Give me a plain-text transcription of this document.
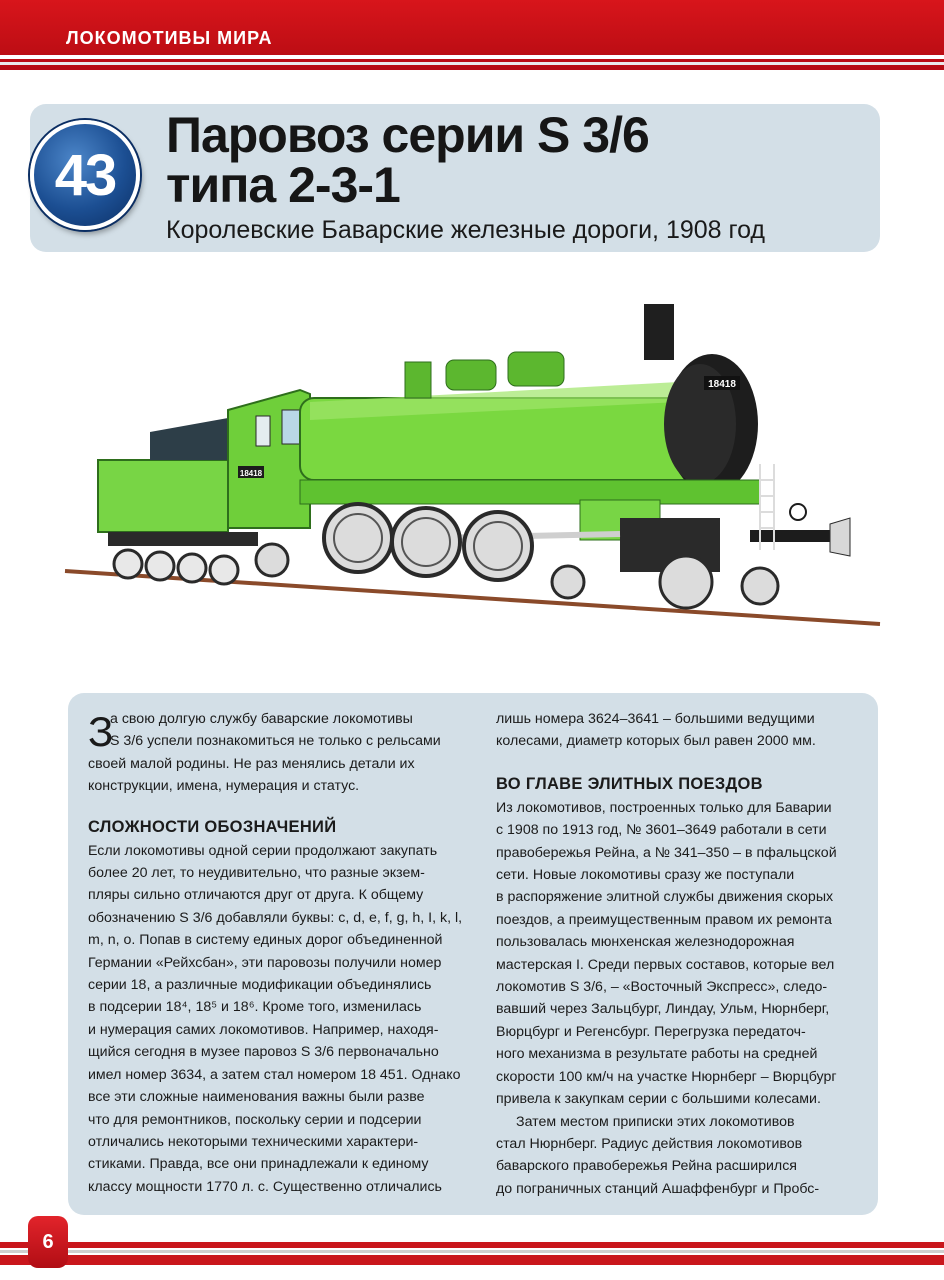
ЛОКОМОТИВЫ МИРА
43
Паровоз серии S 3/6
типа 2-3-1
Королевские Баварские железные дороги, 1908 год
18418
18418
З
а свою долгую службу баварские локомотивы
S 3/6 успели познакомиться не только с рельсами
своей малой родины. Не раз менялись детали их
конструкции, имена, нумерация и статус.
СЛОЖНОСТИ ОБОЗНАЧЕНИЙ
Если локомотивы одной серии продолжают закупать
более 20 лет, то неудивительно, что разные экзем-
пляры сильно отличаются друг от друга. К общему
обозначению S 3/6 добавляли буквы: c, d, e, f, g, h, I, k, l,
m, n, o. Попав в систему единых дорог объединенной
Германии «Рейхсбан», эти паровозы получили номер
серии 18, а различные модификации объединялись
в подсерии 18⁴, 18⁵ и 18⁶. Кроме того, изменилась
и нумерация самих локомотивов. Например, находя-
щийся сегодня в музее паровоз S 3/6 первоначально
имел номер 3634, а затем стал номером 18 451. Однако
все эти сложные наименования важны были разве
что для ремонтников, поскольку серии и подсерии
отличались некоторыми техническими характери-
стиками. Правда, все они принадлежали к единому
классу мощности 1770 л. с. Существенно отличались
лишь номера 3624–3641 – большими ведущими
колесами, диаметр которых был равен 2000 мм.
ВО ГЛАВЕ ЭЛИТНЫХ ПОЕЗДОВ
Из локомотивов, построенных только для Баварии
с 1908 по 1913 год, № 3601–3649 работали в сети
правобережья Рейна, а № 341–350 – в пфальцской
сети. Новые локомотивы сразу же поступали
в распоряжение элитной службы движения скорых
поездов, а преимущественным правом их ремонта
пользовалась мюнхенская железнодорожная
мастерская I. Среди первых составов, которые вел
локомотив S 3/6, – «Восточный Экспресс», следо-
вавший через Зальцбург, Линдау, Ульм, Нюрнберг,
Вюрцбург и Регенсбург. Перегрузка передаточ-
ного механизма в результате работы на средней
скорости 100 км/ч на участке Нюрнберг – Вюрцбург
привела к закупкам серии с большими колесами.
Затем местом приписки этих локомотивов
стал Нюрнберг. Радиус действия локомотивов
баварского правобережья Рейна расширился
до пограничных станций Ашаффенбург и Пробс-
6
